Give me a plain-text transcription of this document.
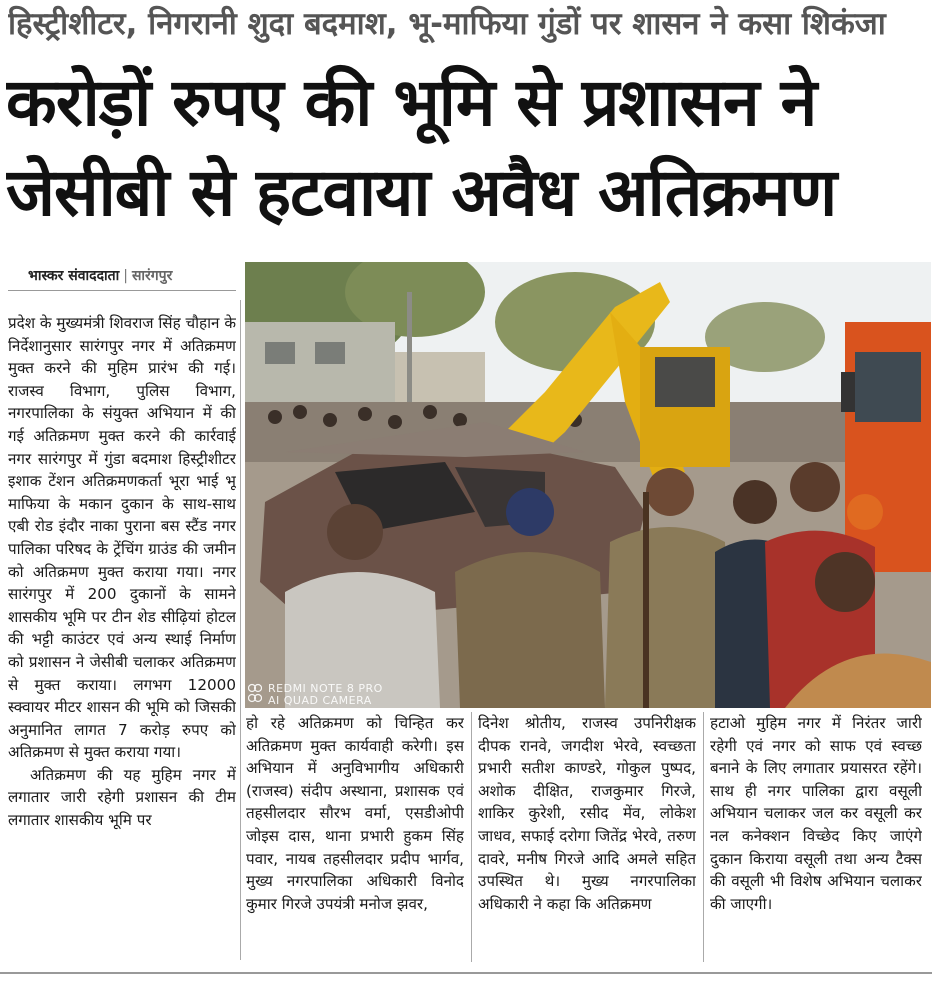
हिस्ट्रीशीटर, निगरानी शुदा बदमाश, भू-माफिया गुंडों पर शासन ने कसा शिकंजा
करोड़ों रुपए की भूमि से प्रशासन ने
जेसीबी से हटवाया अवैध अतिक्रमण
भास्कर संवाददाता | सारंगपुर
REDMI NOTE 8 PRO
AI QUAD CAMERA

प्रदेश के मुख्यमंत्री शिवराज सिंह चौहान के निर्देशानुसार सारंगपुर नगर में अतिक्रमण मुक्त करने की मुहिम प्रारंभ की गई। राजस्व विभाग, पुलिस विभाग, नगरपालिका के संयुक्त अभियान में की गई अतिक्रमण मुक्त करने की कार्रवाई नगर सारंगपुर में गुंडा बदमाश हिस्ट्रीशीटर इशाक टेंशन अतिक्रमणकर्ता भूरा भाई भू माफिया के मकान दुकान के साथ-साथ एबी रोड इंदौर नाका पुराना बस स्टैंड नगर पालिका परिषद के ट्रेंचिंग ग्राउंड की जमीन को अतिक्रमण मुक्त कराया गया। नगर सारंगपुर में 200 दुकानों के सामने शासकीय भूमि पर टीन शेड सीढ़ियां होटल की भट्टी काउंटर एवं अन्य स्थाई निर्माण को प्रशासन ने जेसीबी चलाकर अतिक्रमण से मुक्त कराया। लगभग 12000 स्क्वायर मीटर शासन की भूमि को जिसकी अनुमानित लागत 7 करोड़ रुपए को अतिक्रमण से मुक्त कराया गया।

अतिक्रमण की यह मुहिम नगर में लगातार जारी रहेगी प्रशासन की टीम लगातार शासकीय भूमि पर

हो रहे अतिक्रमण को चिन्हित कर अतिक्रमण मुक्त कार्यवाही करेगी। इस अभियान में अनुविभागीय अधिकारी (राजस्व) संदीप अस्थाना, प्रशासक एवं तहसीलदार सौरभ वर्मा, एसडीओपी जोइस दास, थाना प्रभारी हुकम सिंह पवार, नायब तहसीलदार प्रदीप भार्गव, मुख्य नगरपालिका अधिकारी विनोद कुमार गिरजे उपयंत्री मनोज झवर,

दिनेश श्रोतीय, राजस्व उपनिरीक्षक दीपक रानवे, जगदीश भेरवे, स्वच्छता प्रभारी सतीश काण्डरे, गोकुल पुष्पद, अशोक दीक्षित, राजकुमार गिरजे, शाकिर कुरेशी, रसीद मेंव, लोकेश जाधव, सफाई दरोगा जितेंद्र भेरवे, तरुण दावरे, मनीष गिरजे आदि अमले सहित उपस्थित थे। मुख्य नगरपालिका अधिकारी ने कहा कि अतिक्रमण

हटाओ मुहिम नगर में निरंतर जारी रहेगी एवं नगर को साफ एवं स्वच्छ बनाने के लिए लगातार प्रयासरत रहेंगे। साथ ही नगर पालिका द्वारा वसूली अभियान चलाकर जल कर वसूली कर नल कनेक्शन विच्छेद किए जाएंगे दुकान किराया वसूली तथा अन्य टैक्स की वसूली भी विशेष अभियान चलाकर की जाएगी।
